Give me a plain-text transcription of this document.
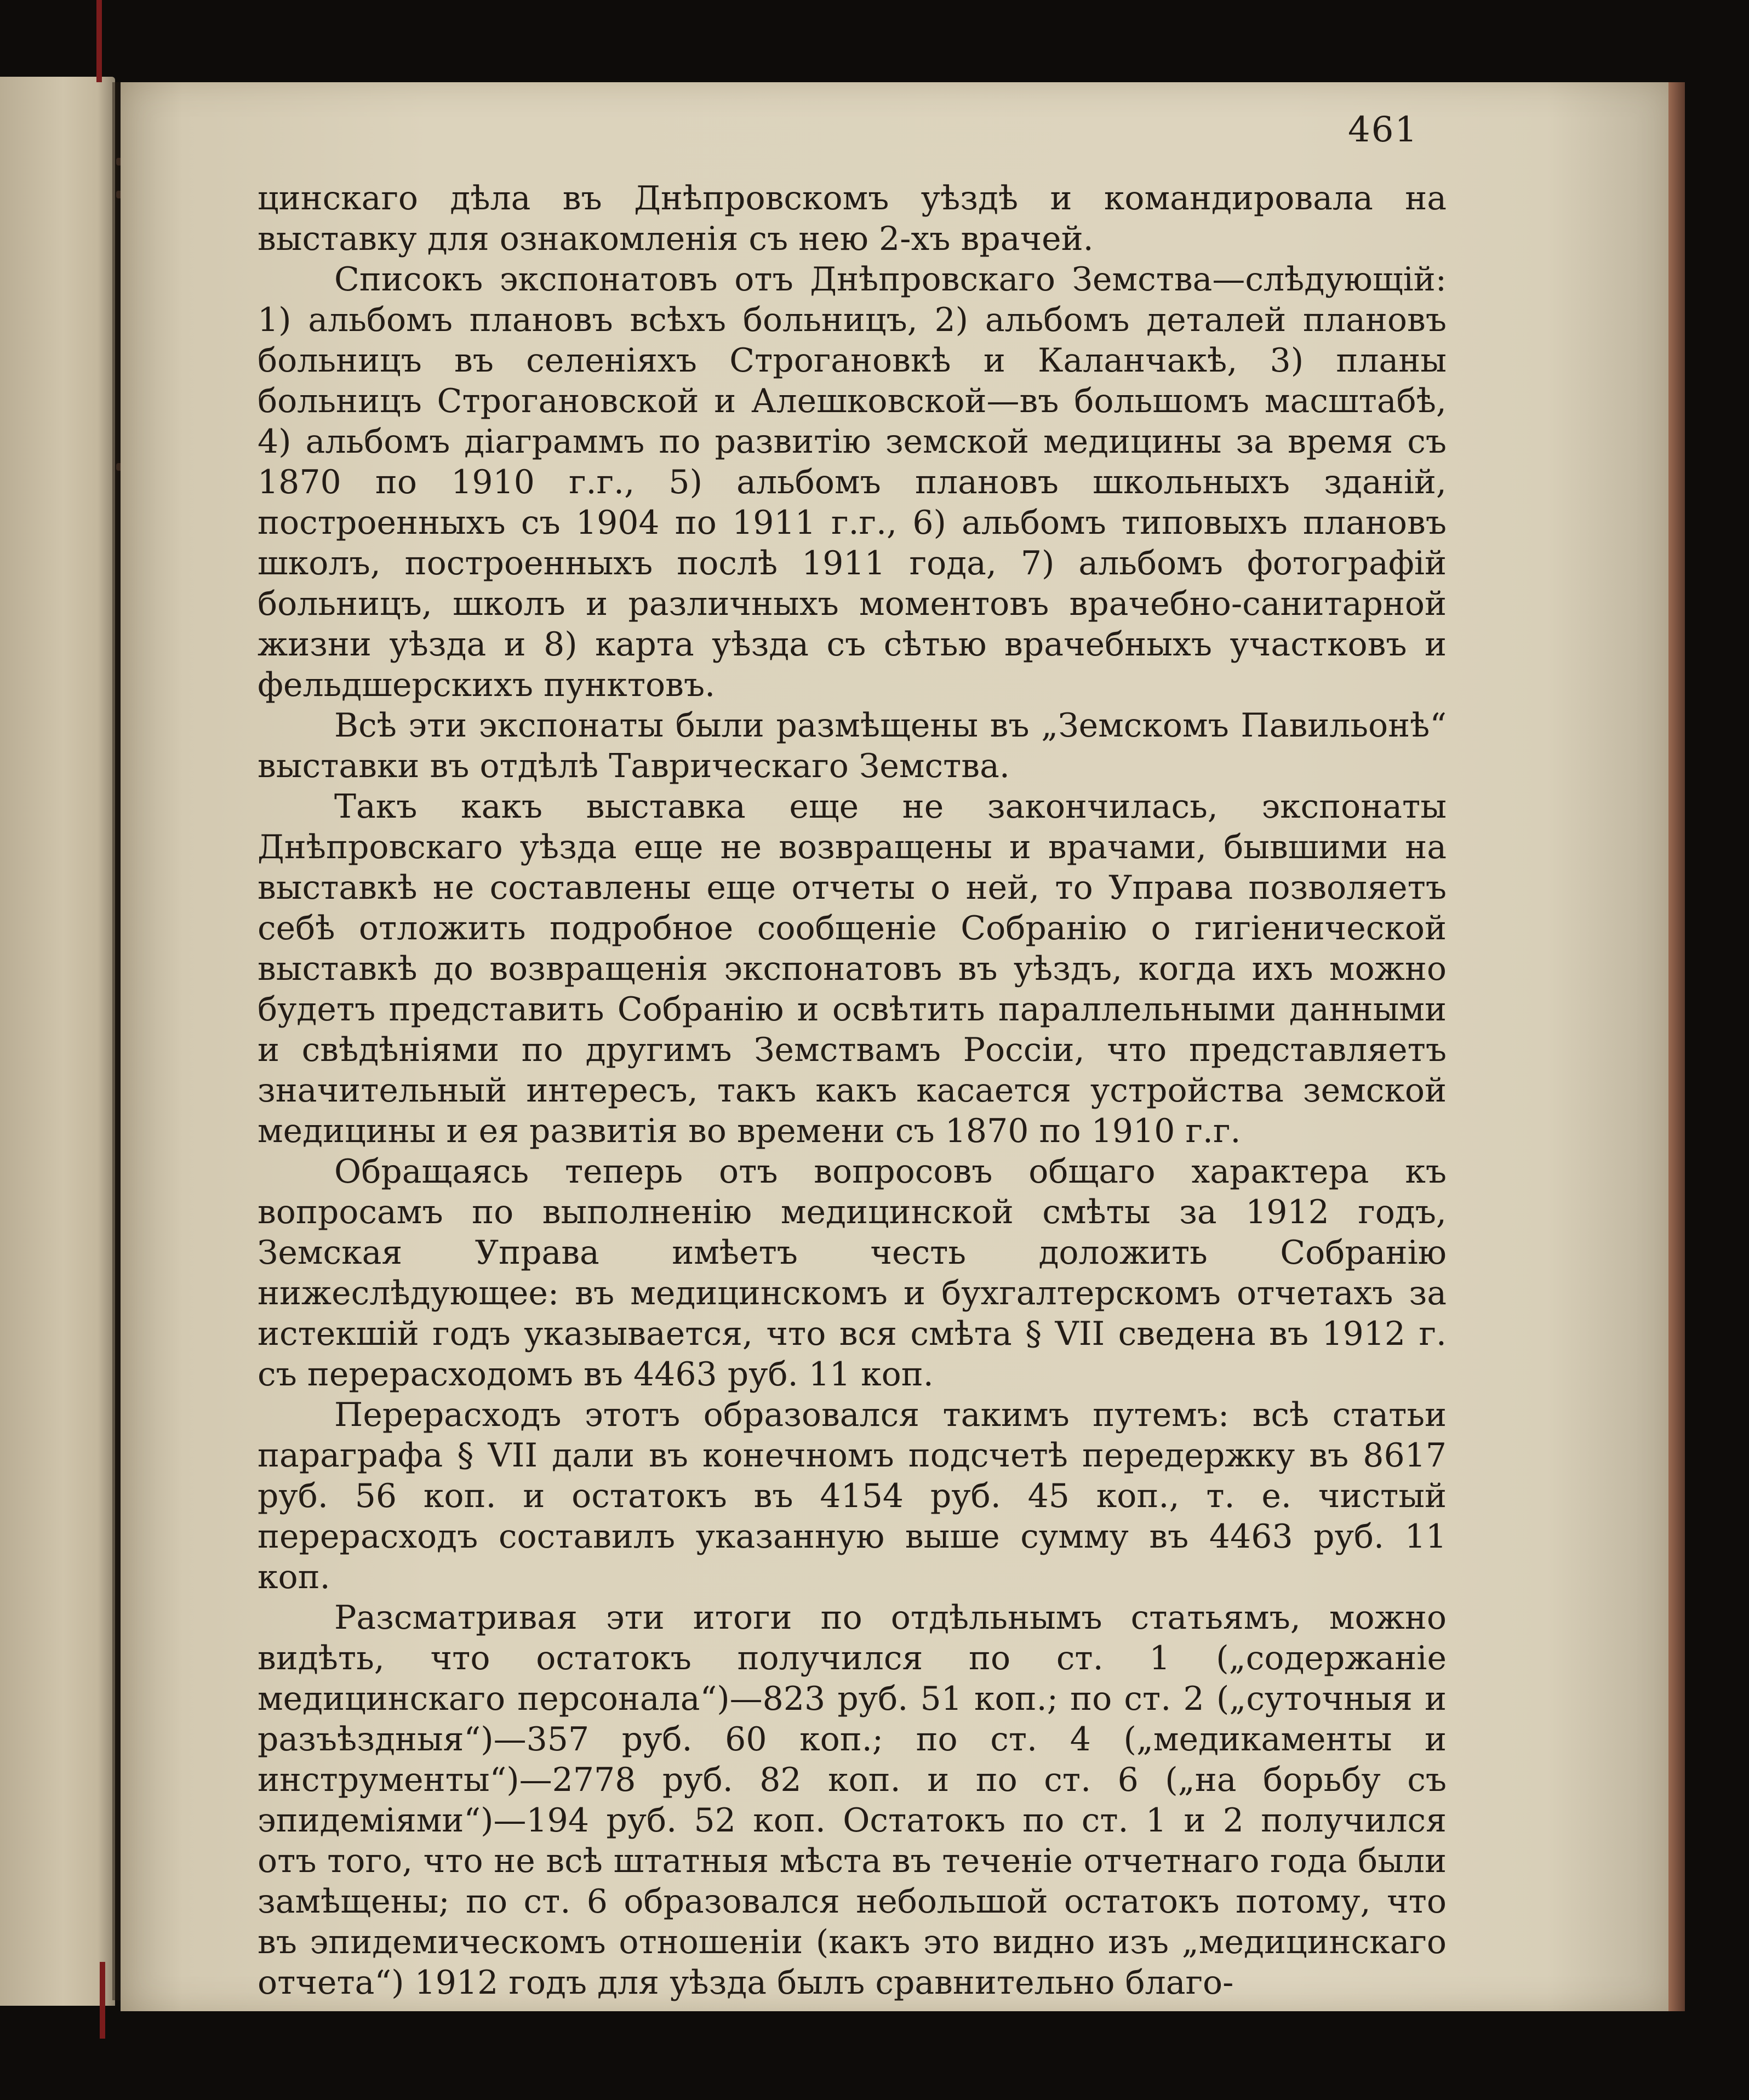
461

цинскаго дѣла въ Днѣпровскомъ уѣздѣ и командировала на выставку для ознакомленія съ нею 2-хъ врачей.

Списокъ экспонатовъ отъ Днѣпровскаго Земства—слѣдующій: 1) альбомъ плановъ всѣхъ больницъ, 2) альбомъ деталей плановъ больницъ въ селеніяхъ Строгановкѣ и Каланчакѣ, 3) планы больницъ Строгановской и Алешковской—въ большомъ масштабѣ, 4) альбомъ діаграммъ по развитію земской медицины за время съ 1870 по 1910 г.г., 5) альбомъ плановъ школьныхъ зданій, построенныхъ съ 1904 по 1911 г.г., 6) альбомъ типовыхъ плановъ школъ, построенныхъ послѣ 1911 года, 7) альбомъ фотографій больницъ, школъ и различныхъ моментовъ врачебно-санитарной жизни уѣзда и 8) карта уѣзда съ сѣтью врачебныхъ участковъ и фельдшерскихъ пунктовъ.

Всѣ эти экспонаты были размѣщены въ „Земскомъ Павильонѣ“ выставки въ отдѣлѣ Таврическаго Земства.

Такъ какъ выставка еще не закончилась, экспонаты Днѣпровскаго уѣзда еще не возвращены и врачами, бывшими на выставкѣ не составлены еще отчеты о ней, то Управа позволяетъ себѣ отложить подробное сообщеніе Собранію о гигіенической выставкѣ до возвращенія экспонатовъ въ уѣздъ, когда ихъ можно будетъ представить Собранію и освѣтить параллельными данными и свѣдѣніями по другимъ Земствамъ Россіи, что представляетъ значительный интересъ, такъ какъ касается устройства земской медицины и ея развитія во времени съ 1870 по 1910 г.г.

Обращаясь теперь отъ вопросовъ общаго характера къ вопросамъ по выполненію медицинской смѣты за 1912 годъ, Земская Управа имѣетъ честь доложить Собранію нижеслѣдующее: въ медицинскомъ и бухгалтерскомъ отчетахъ за истекшій годъ указывается, что вся смѣта § VII сведена въ 1912 г. съ перерасходомъ въ 4463 руб. 11 коп.

Перерасходъ этотъ образовался такимъ путемъ: всѣ статьи параграфа § VII дали въ конечномъ подсчетѣ передержку въ 8617 руб. 56 коп. и остатокъ въ 4154 руб. 45 коп., т. е. чистый перерасходъ составилъ указанную выше сумму въ 4463 руб. 11 коп.

Разсматривая эти итоги по отдѣльнымъ статьямъ, можно видѣть, что остатокъ получился по ст. 1 („содержаніе медицинскаго персонала“)—823 руб. 51 коп.; по ст. 2 („суточныя и разъѣздныя“)—357 руб. 60 коп.; по ст. 4 („медикаменты и инструменты“)—2778 руб. 82 коп. и по ст. 6 („на борьбу съ эпидеміями“)—194 руб. 52 коп. Остатокъ по ст. 1 и 2 получился отъ того, что не всѣ штатныя мѣста въ теченіе отчетнаго года были замѣщены; по ст. 6 образовался небольшой остатокъ потому, что въ эпидемическомъ отношеніи (какъ это видно изъ „медицинскаго отчета“) 1912 годъ для уѣзда былъ сравнительно благо-
